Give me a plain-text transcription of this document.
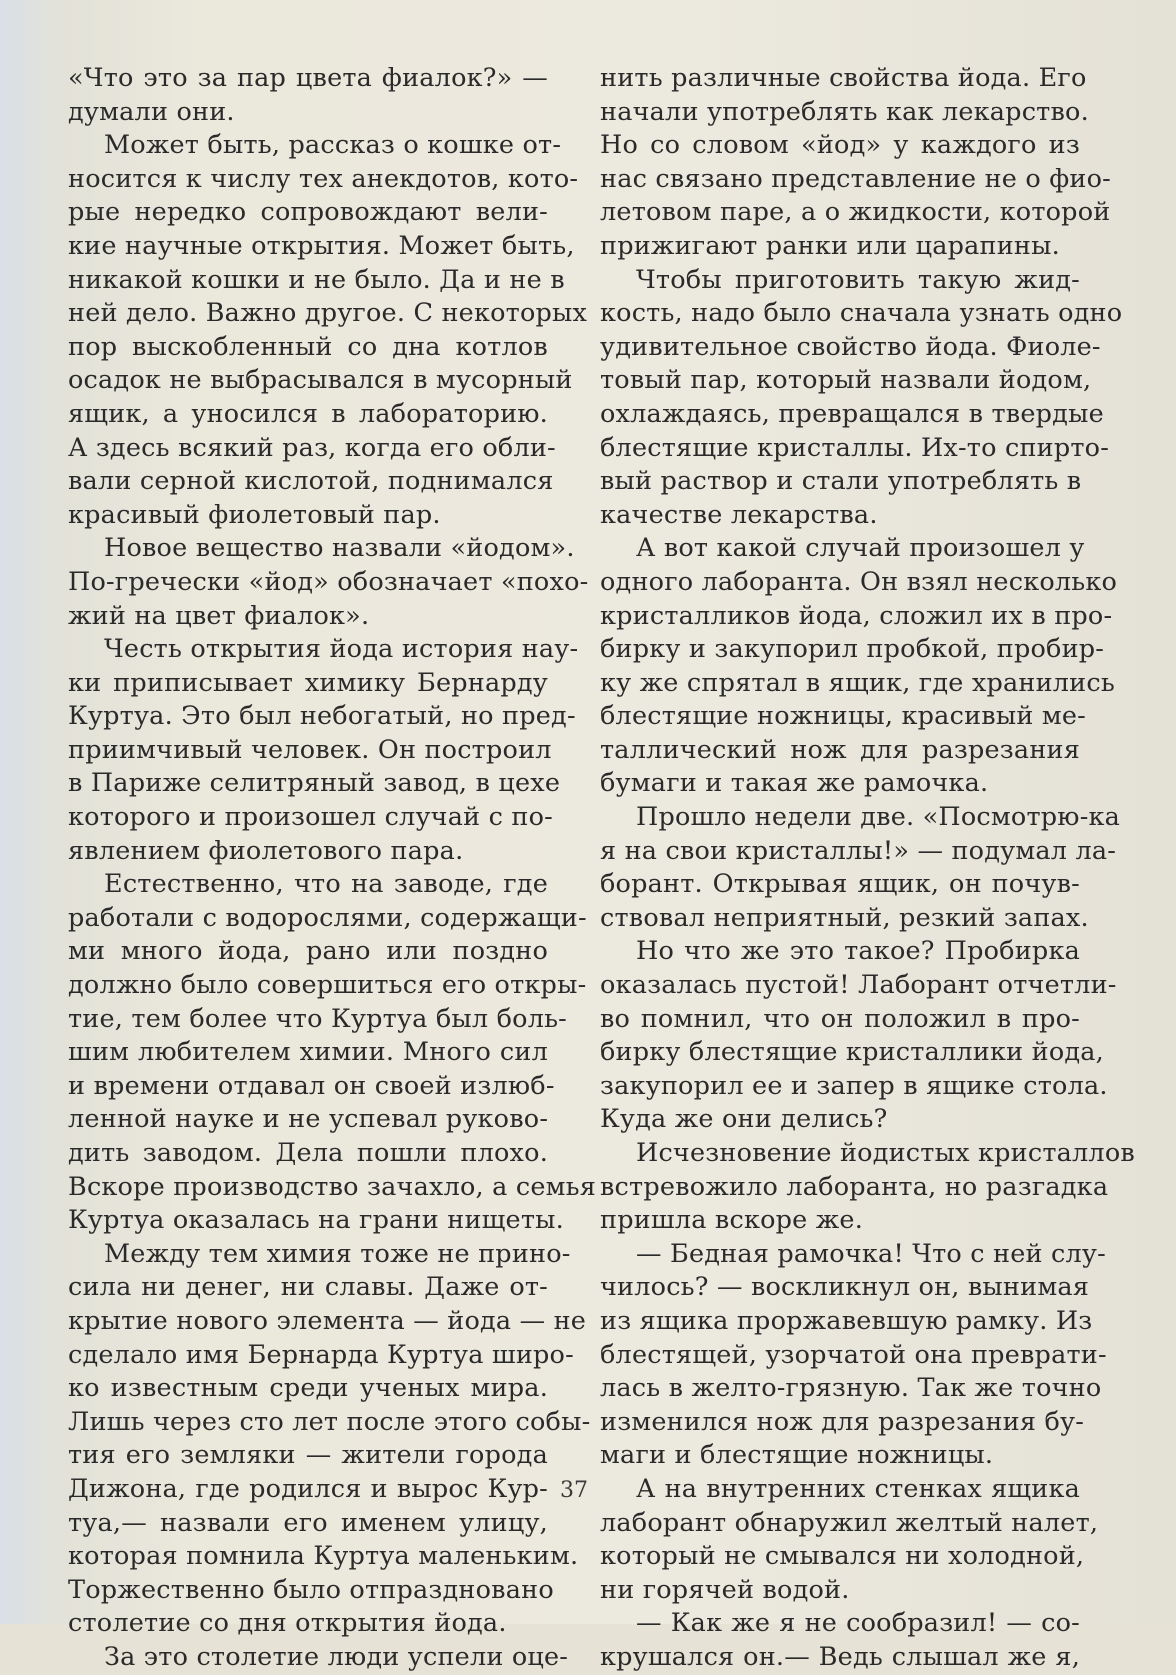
«Что это за пар цвета фиалок?» —
думали они.
Может быть, рассказ о кошке от-
носится к числу тех анекдотов, кото-
рые нередко сопровождают вели-
кие научные открытия. Может быть,
никакой кошки и не было. Да и не в
ней дело. Важно другое. С некоторых
пор выскобленный со дна котлов
осадок не выбрасывался в мусорный
ящик, а уносился в лабораторию.
А здесь всякий раз, когда его обли-
вали серной кислотой, поднимался
красивый фиолетовый пар.
Новое вещество назвали «йодом».
По-гречески «йод» обозначает «похо-
жий на цвет фиалок».
Честь открытия йода история нау-
ки приписывает химику Бернарду
Куртуа. Это был небогатый, но пред-
приимчивый человек. Он построил
в Париже селитряный завод, в цехе
которого и произошел случай с по-
явлением фиолетового пара.
Естественно, что на заводе, где
работали с водорослями, содержащи-
ми много йода, рано или поздно
должно было совершиться его откры-
тие, тем более что Куртуа был боль-
шим любителем химии. Много сил
и времени отдавал он своей излюб-
ленной науке и не успевал руково-
дить заводом. Дела пошли плохо.
Вскоре производство зачахло, а семья
Куртуа оказалась на грани нищеты.
Между тем химия тоже не прино-
сила ни денег, ни славы. Даже от-
крытие нового элемента — йода — не
сделало имя Бернарда Куртуа широ-
ко известным среди ученых мира.
Лишь через сто лет после этого собы-
тия его земляки — жители города
Дижона, где родился и вырос Кур-
туа,— назвали его именем улицу,
которая помнила Куртуа маленьким.
Торжественно было отпраздновано
столетие со дня открытия йода.
За это столетие люди успели оце-
нить различные свойства йода. Его
начали употреблять как лекарство.
Но со словом «йод» у каждого из
нас связано представление не о фио-
летовом паре, а о жидкости, которой
прижигают ранки или царапины.
Чтобы приготовить такую жид-
кость, надо было сначала узнать одно
удивительное свойство йода. Фиоле-
товый пар, который назвали йодом,
охлаждаясь, превращался в твердые
блестящие кристаллы. Их-то спирто-
вый раствор и стали употреблять в
качестве лекарства.
А вот какой случай произошел у
одного лаборанта. Он взял несколько
кристалликов йода, сложил их в про-
бирку и закупорил пробкой, пробир-
ку же спрятал в ящик, где хранились
блестящие ножницы, красивый ме-
таллический нож для разрезания
бумаги и такая же рамочка.
Прошло недели две. «Посмотрю-ка
я на свои кристаллы!» — подумал ла-
борант. Открывая ящик, он почув-
ствовал неприятный, резкий запах.
Но что же это такое? Пробирка
оказалась пустой! Лаборант отчетли-
во помнил, что он положил в про-
бирку блестящие кристаллики йода,
закупорил ее и запер в ящике стола.
Куда же они делись?
Исчезновение йодистых кристаллов
встревожило лаборанта, но разгадка
пришла вскоре же.
— Бедная рамочка! Что с ней слу-
чилось? — воскликнул он, вынимая
из ящика проржавевшую рамку. Из
блестящей, узорчатой она преврати-
лась в желто-грязную. Так же точно
изменился нож для разрезания бу-
маги и блестящие ножницы.
А на внутренних стенках ящика
лаборант обнаружил желтый налет,
который не смывался ни холодной,
ни горячей водой.
— Как же я не сообразил! — со-
крушался он.— Ведь слышал же я,
37
